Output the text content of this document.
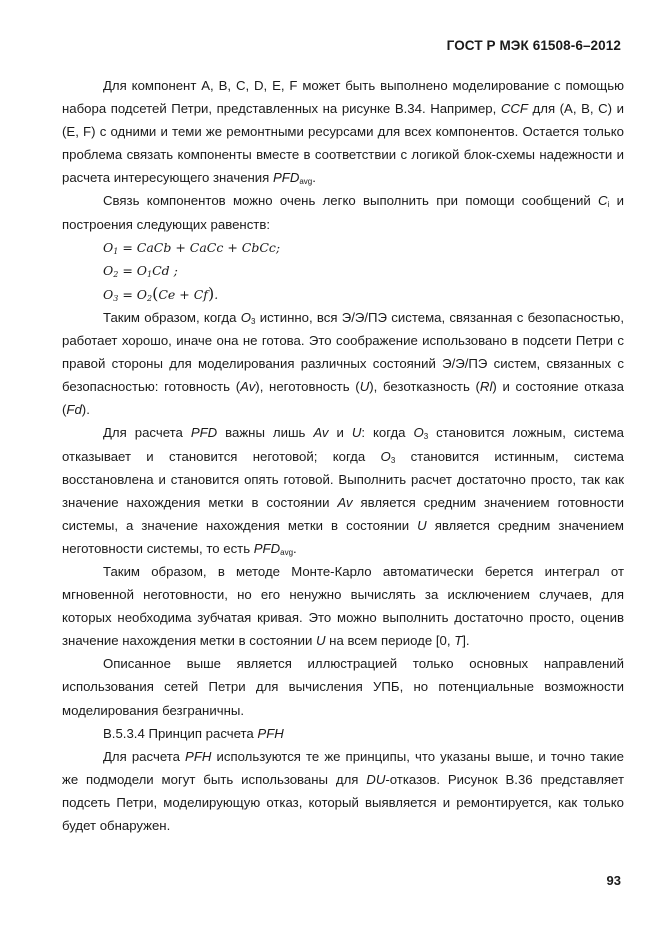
ГОСТ Р МЭК 61508-6–2012

Для компонент A, B, C, D, E, F может быть выполнено моделирование с помощью набора подсетей Петри, представленных на рисунке В.34. Например, CCF для (A, B, C) и (E, F) с одними и теми же ремонтными ресурсами для всех компонентов. Остается только проблема связать компоненты вместе в соответствии с логикой блок-схемы надежности и расчета интересующего значения $PFD_{avg}$.

Связь компонентов можно очень легко выполнить при помощи сообщений $C_i$ и построения следующих равенств:

$O_1$ = CaCb + CaCc + CbCc;
$O_2 = O_1Cd$ ;
$O_3 = O_2(Ce + Cf)$.

Таким образом, когда $O_3$ истинно, вся Э/Э/ПЭ система, связанная с безопасностью, работает хорошо, иначе она не готова. Это соображение использовано в подсети Петри с правой стороны для моделирования различных состояний Э/Э/ПЭ систем, связанных с безопасностью: готовность (Av), неготовность (U), безотказность (Rl) и состояние отказа (Fd).

Для расчета PFD важны лишь Av и U: когда $O_3$ становится ложным, система отказывает и становится неготовой; когда $O_3$ становится истинным, система восстановлена и становится опять готовой. Выполнить расчет достаточно просто, так как значение нахождения метки в состоянии Av является средним значением готовности системы, а значение нахождения метки в состоянии U является средним значением неготовности системы, то есть $PFD_{avg}$.

Таким образом, в методе Монте-Карло автоматически берется интеграл от мгновенной неготовности, но его ненужно вычислять за исключением случаев, для которых необходима зубчатая кривая. Это можно выполнить достаточно просто, оценив значение нахождения метки в состоянии U на всем периоде [0, T].

Описанное выше является иллюстрацией только основных направлений использования сетей Петри для вычисления УПБ, но потенциальные возможности моделирования безграничны.

В.5.3.4 Принцип расчета PFH

Для расчета PFH используются те же принципы, что указаны выше, и точно такие же подмодели могут быть использованы для DU-отказов. Рисунок В.36 представляет подсеть Петри, моделирующую отказ, который выявляется и ремонтируется, как только будет обнаружен.

93
